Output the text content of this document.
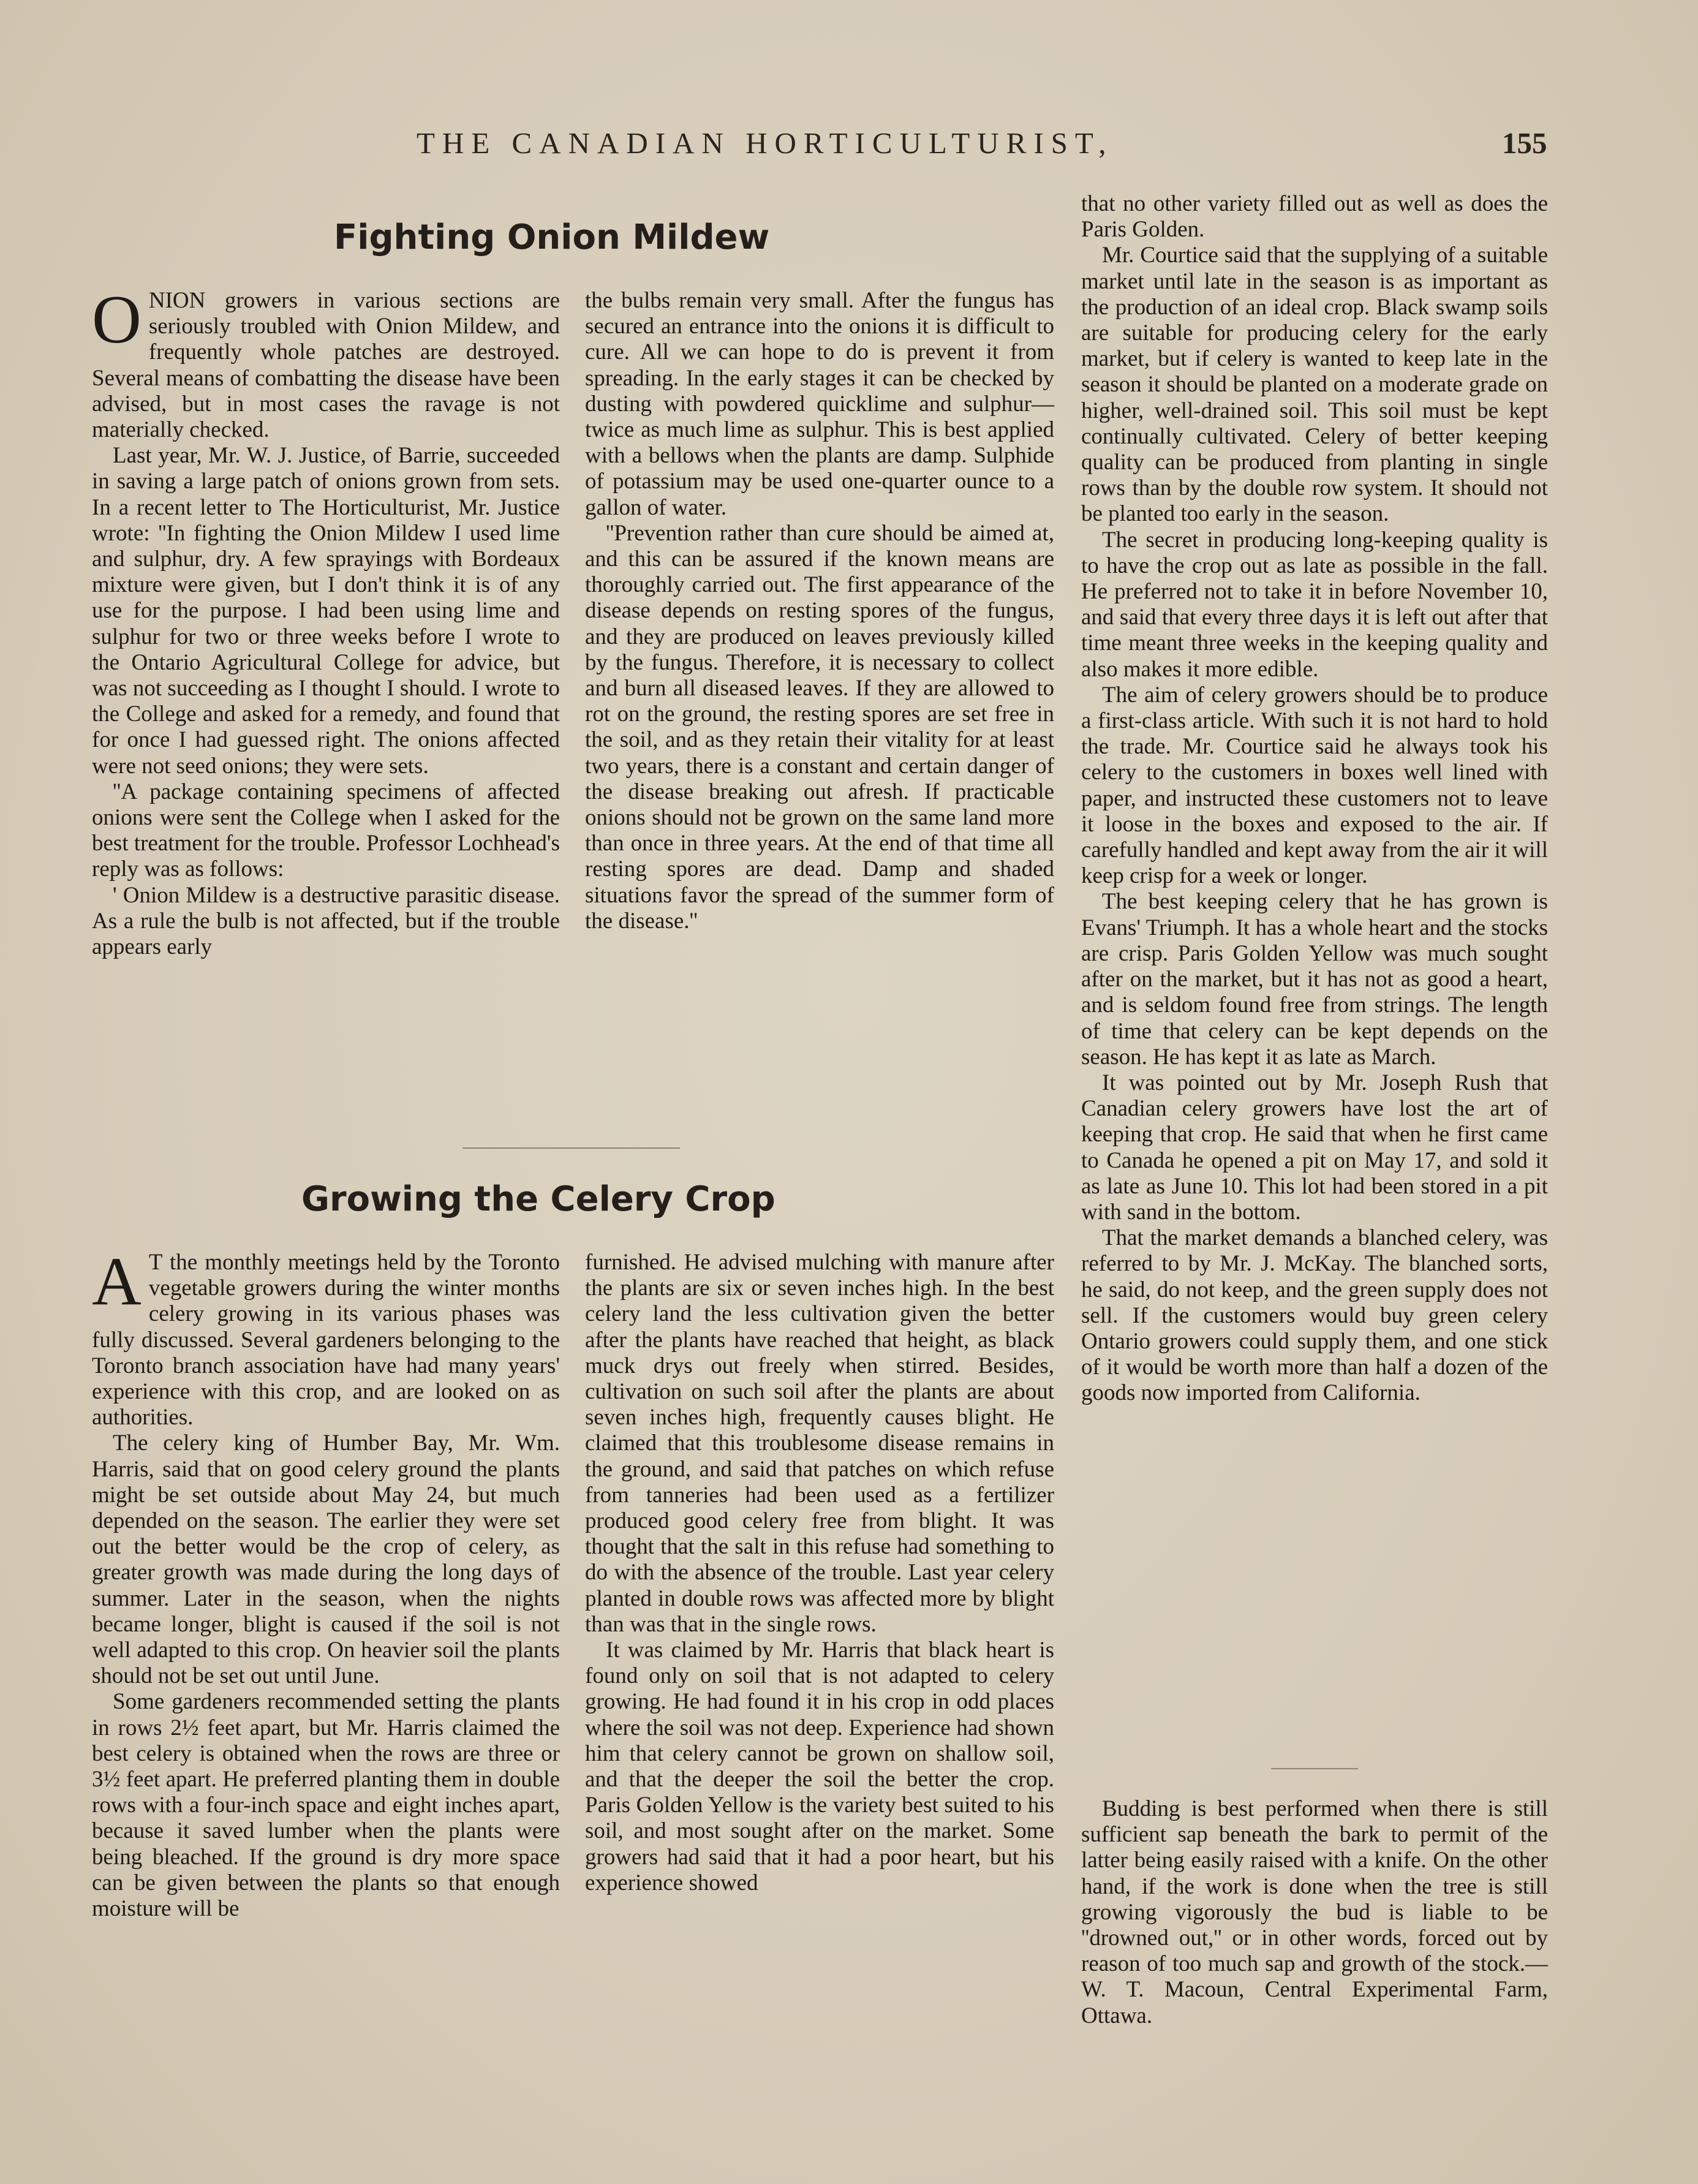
THE CANADIAN HORTICULTURIST,	155
Fighting Onion Mildew

ONION growers in various sections are seriously troubled with Onion Mildew, and frequently whole patches are destroyed. Several means of combatting the disease have been advised, but in most cases the ravage is not materially checked.

Last year, Mr. W. J. Justice, of Barrie, succeeded in saving a large patch of onions grown from sets. In a recent letter to The Horticulturist, Mr. Justice wrote: ''In fighting the Onion Mildew I used lime and sulphur, dry. A few sprayings with Bordeaux mixture were given, but I don't think it is of any use for the purpose. I had been using lime and sulphur for two or three weeks before I wrote to the Ontario Agricultural College for advice, but was not succeeding as I thought I should. I wrote to the College and asked for a remedy, and found that for once I had guessed right. The onions affected were not seed onions; they were sets.

''A package containing specimens of affected onions were sent the College when I asked for the best treatment for the trouble. Professor Lochhead's reply was as follows:

' Onion Mildew is a destructive parasitic disease. As a rule the bulb is not affected, but if the trouble appears early

the bulbs remain very small. After the fungus has secured an entrance into the onions it is difficult to cure. All we can hope to do is prevent it from spreading. In the early stages it can be checked by dusting with powdered quicklime and sulphur—twice as much lime as sulphur. This is best applied with a bellows when the plants are damp. Sulphide of potassium may be used one-quarter ounce to a gallon of water.

''Prevention rather than cure should be aimed at, and this can be assured if the known means are thoroughly carried out. The first appearance of the disease depends on resting spores of the fungus, and they are produced on leaves previously killed by the fungus. Therefore, it is necessary to collect and burn all diseased leaves. If they are allowed to rot on the ground, the resting spores are set free in the soil, and as they retain their vitality for at least two years, there is a constant and certain danger of the disease breaking out afresh. If practicable onions should not be grown on the same land more than once in three years. At the end of that time all resting spores are dead. Damp and shaded situations favor the spread of the summer form of the disease.''

Growing the Celery Crop

A T the monthly meetings held by the Toronto vegetable growers during the winter months celery growing in its various phases was fully discussed. Several gardeners belonging to the Toronto branch association have had many years' experience with this crop, and are looked on as authorities.

The celery king of Humber Bay, Mr. Wm. Harris, said that on good celery ground the plants might be set outside about May 24, but much depended on the season. The earlier they were set out the better would be the crop of celery, as greater growth was made during the long days of summer. Later in the season, when the nights became longer, blight is caused if the soil is not well adapted to this crop. On heavier soil the plants should not be set out until June.

Some gardeners recommended setting the plants in rows 2½ feet apart, but Mr. Harris claimed the best celery is obtained when the rows are three or 3½ feet apart. He preferred planting them in double rows with a four-inch space and eight inches apart, because it saved lumber when the plants were being bleached. If the ground is dry more space can be given between the plants so that enough moisture will be

furnished. He advised mulching with manure after the plants are six or seven inches high. In the best celery land the less cultivation given the better after the plants have reached that height, as black muck drys out freely when stirred. Besides, cultivation on such soil after the plants are about seven inches high, frequently causes blight. He claimed that this troublesome disease remains in the ground, and said that patches on which refuse from tanneries had been used as a fertilizer produced good celery free from blight. It was thought that the salt in this refuse had something to do with the absence of the trouble. Last year celery planted in double rows was affected more by blight than was that in the single rows.

It was claimed by Mr. Harris that black heart is found only on soil that is not adapted to celery growing. He had found it in his crop in odd places where the soil was not deep. Experience had shown him that celery cannot be grown on shallow soil, and that the deeper the soil the better the crop. Paris Golden Yellow is the variety best suited to his soil, and most sought after on the market. Some growers had said that it had a poor heart, but his experience showed

that no other variety filled out as well as does the Paris Golden.

Mr. Courtice said that the supplying of a suitable market until late in the season is as important as the production of an ideal crop. Black swamp soils are suitable for producing celery for the early market, but if celery is wanted to keep late in the season it should be planted on a moderate grade on higher, well-drained soil. This soil must be kept continually cultivated. Celery of better keeping quality can be produced from planting in single rows than by the double row system. It should not be planted too early in the season.

The secret in producing long-keeping quality is to have the crop out as late as possible in the fall. He preferred not to take it in before November 10, and said that every three days it is left out after that time meant three weeks in the keeping quality and also makes it more edible.

The aim of celery growers should be to produce a first-class article. With such it is not hard to hold the trade. Mr. Courtice said he always took his celery to the customers in boxes well lined with paper, and instructed these customers not to leave it loose in the boxes and exposed to the air. If carefully handled and kept away from the air it will keep crisp for a week or longer.

The best keeping celery that he has grown is Evans' Triumph. It has a whole heart and the stocks are crisp. Paris Golden Yellow was much sought after on the market, but it has not as good a heart, and is seldom found free from strings. The length of time that celery can be kept depends on the season. He has kept it as late as March.

It was pointed out by Mr. Joseph Rush that Canadian celery growers have lost the art of keeping that crop. He said that when he first came to Canada he opened a pit on May 17, and sold it as late as June 10. This lot had been stored in a pit with sand in the bottom.

That the market demands a blanched celery, was referred to by Mr. J. McKay. The blanched sorts, he said, do not keep, and the green supply does not sell. If the customers would buy green celery Ontario growers could supply them, and one stick of it would be worth more than half a dozen of the goods now imported from California.

Budding is best performed when there is still sufficient sap beneath the bark to permit of the latter being easily raised with a knife. On the other hand, if the work is done when the tree is still growing vigorously the bud is liable to be ''drowned out,'' or in other words, forced out by reason of too much sap and growth of the stock.— W. T. Macoun, Central Experimental Farm, Ottawa.
